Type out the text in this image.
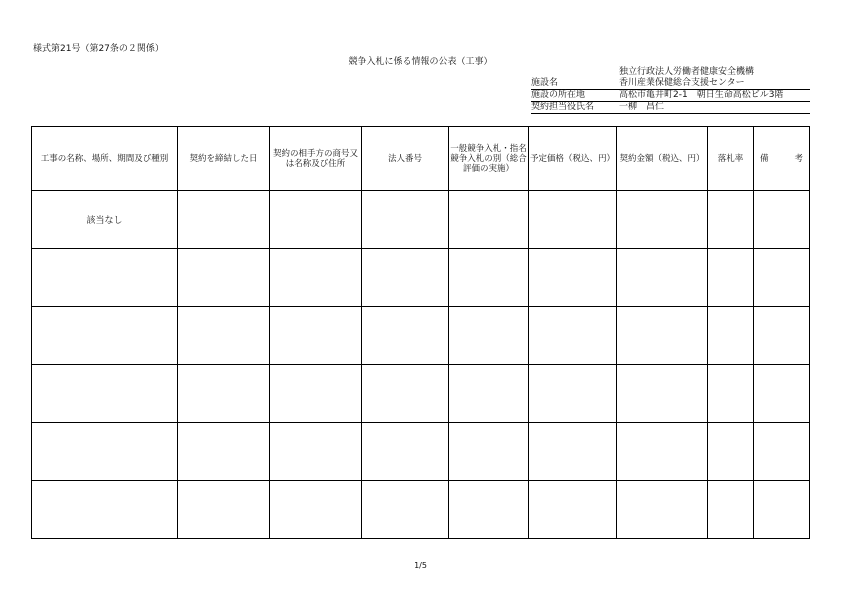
様式第21号（第27条の２関係）
競争入札に係る情報の公表（工事）
独立行政法人労働者健康安全機構
施設名	香川産業保健総合支援センター
施設の所在地	高松市亀井町2-1　朝日生命高松ビル3階
契約担当役氏名	一柳　昌仁
工事の名称、場所、期間及び種別	契約を締結した日	契約の相手方の商号又は名称及び住所	法人番号	一般競争入札・指名競争入札の別（総合評価の実施）	予定価格（税込、円）	契約金額（税込、円）	落札率	備 考
該当なし								

1/5
